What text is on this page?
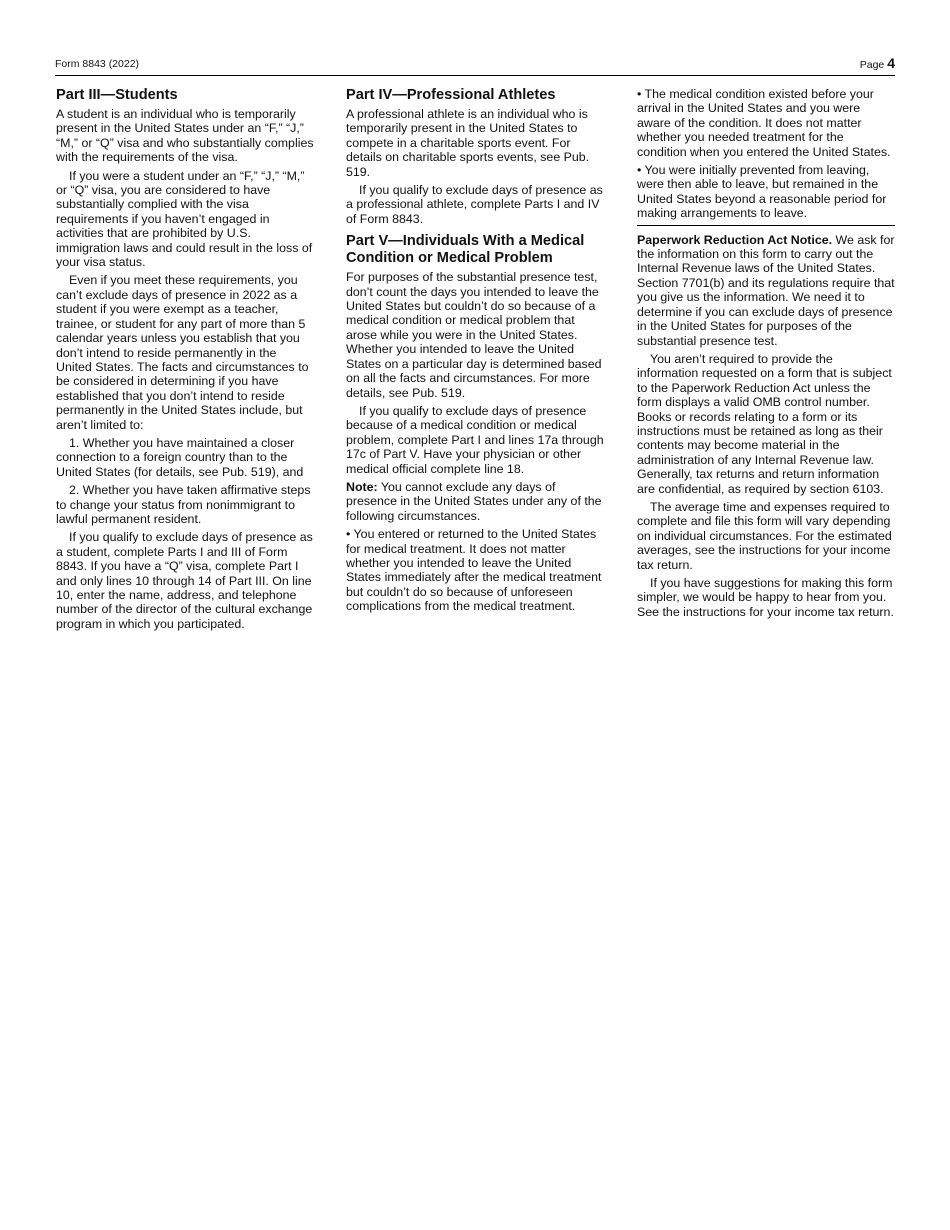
Form 8843 (2022)	Page 4
Part III—Students

A student is an individual who is temporarily present in the United States under an “F,” “J,” “M,” or “Q” visa and who substantially complies with the requirements of the visa.

If you were a student under an “F,” “J,” “M,” or “Q” visa, you are considered to have substantially complied with the visa requirements if you haven’t engaged in activities that are prohibited by U.S. immigration laws and could result in the loss of your visa status.

Even if you meet these requirements, you can’t exclude days of presence in 2022 as a student if you were exempt as a teacher, trainee, or student for any part of more than 5 calendar years unless you establish that you don’t intend to reside permanently in the United States. The facts and circumstances to be considered in determining if you have established that you don’t intend to reside permanently in the United States include, but aren’t limited to:

1. Whether you have maintained a closer connection to a foreign country than to the United States (for details, see Pub. 519), and

2. Whether you have taken affirmative steps to change your status from nonimmigrant to lawful permanent resident.

If you qualify to exclude days of presence as a student, complete Parts I and III of Form 8843. If you have a “Q” visa, complete Part I and only lines 10 through 14 of Part III. On line 10, enter the name, address, and telephone number of the director of the cultural exchange program in which you participated.

Part IV—Professional Athletes

A professional athlete is an individual who is temporarily present in the United States to compete in a charitable sports event. For details on charitable sports events, see Pub. 519.

If you qualify to exclude days of presence as a professional athlete, complete Parts I and IV of Form 8843.

Part V—Individuals With a Medical Condition or Medical Problem

For purposes of the substantial presence test, don’t count the days you intended to leave the United States but couldn’t do so because of a medical condition or medical problem that arose while you were in the United States. Whether you intended to leave the United States on a particular day is determined based on all the facts and circumstances. For more details, see Pub. 519.

If you qualify to exclude days of presence because of a medical condition or medical problem, complete Part I and lines 17a through 17c of Part V. Have your physician or other medical official complete line 18.

Note: You cannot exclude any days of presence in the United States under any of the following circumstances.

• You entered or returned to the United States for medical treatment. It does not matter whether you intended to leave the United States immediately after the medical treatment but couldn’t do so because of unforeseen complications from the medical treatment.

• The medical condition existed before your arrival in the United States and you were aware of the condition. It does not matter whether you needed treatment for the condition when you entered the United States.

• You were initially prevented from leaving, were then able to leave, but remained in the United States beyond a reasonable period for making arrangements to leave.

Paperwork Reduction Act Notice. We ask for the information on this form to carry out the Internal Revenue laws of the United States. Section 7701(b) and its regulations require that you give us the information. We need it to determine if you can exclude days of presence in the United States for purposes of the substantial presence test.

You aren’t required to provide the information requested on a form that is subject to the Paperwork Reduction Act unless the form displays a valid OMB control number. Books or records relating to a form or its instructions must be retained as long as their contents may become material in the administration of any Internal Revenue law. Generally, tax returns and return information are confidential, as required by section 6103.

The average time and expenses required to complete and file this form will vary depending on individual circumstances. For the estimated averages, see the instructions for your income tax return.

If you have suggestions for making this form simpler, we would be happy to hear from you. See the instructions for your income tax return.
